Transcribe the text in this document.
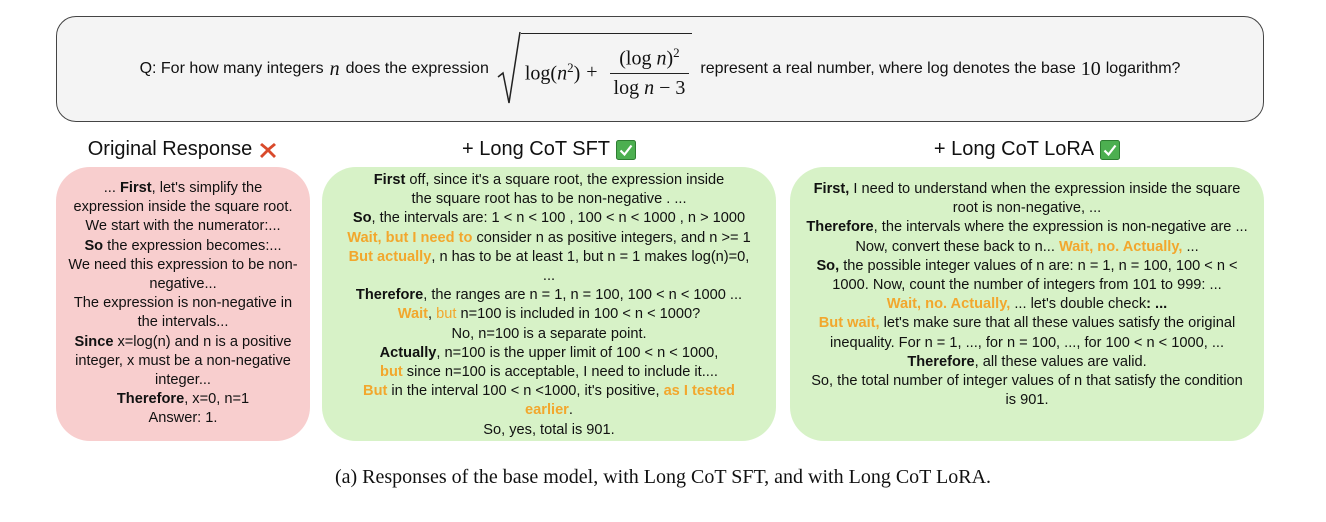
Q: For how many integers n does the expression $\log(n^2) + \frac{(\log n)^2}{\text{log n − 3}}$ represent a real number, where log denotes the base 10 logarithm?
Original Response	+ Long CoT SFT	+ Long CoT LoRA
... First, let's simplify the
expression inside the square root.
We start with the numerator:...
So the expression becomes:...
We need this expression to be non-
negative...
The expression is non-negative in
the intervals...
Since x=log(n) and n is a positive
integer, x must be a non-negative
integer...
Therefore, x=0, n=1
Answer: 1.
First off, since it's a square root, the expression inside
the square root has to be non-negative . ...
So, the intervals are: 1 < n < 100 , 100 < n < 1000 , n > 1000
Wait, but I need to consider n as positive integers, and n >= 1
But actually, n has to be at least 1, but n = 1 makes log(n)=0,
...
Therefore, the ranges are n = 1, n = 100, 100 < n < 1000 ...
Wait, but n=100 is included in 100 < n < 1000?
No, n=100 is a separate point.
Actually, n=100 is the upper limit of 100 < n < 1000,
but since n=100 is acceptable, I need to include it....
But in the interval 100 < n <1000, it's positive, as I tested
earlier.
So, yes, total is 901.
First, I need to understand when the expression inside the square
root is non-negative, ...
Therefore, the intervals where the expression is non-negative are ...
Now, convert these back to n... Wait, no. Actually, ...
So, the possible integer values of n are: n = 1, n = 100, 100 < n <
1000. Now, count the number of integers from 101 to 999: ...
Wait, no. Actually, ... let's double check: ...
But wait, let's make sure that all these values satisfy the original
inequality. For n = 1, ..., for n = 100, ..., for 100 < n < 1000, ...
Therefore, all these values are valid.
So, the total number of integer values of n that satisfy the condition
is 901.
(a) Responses of the base model, with Long CoT SFT, and with Long CoT LoRA.
